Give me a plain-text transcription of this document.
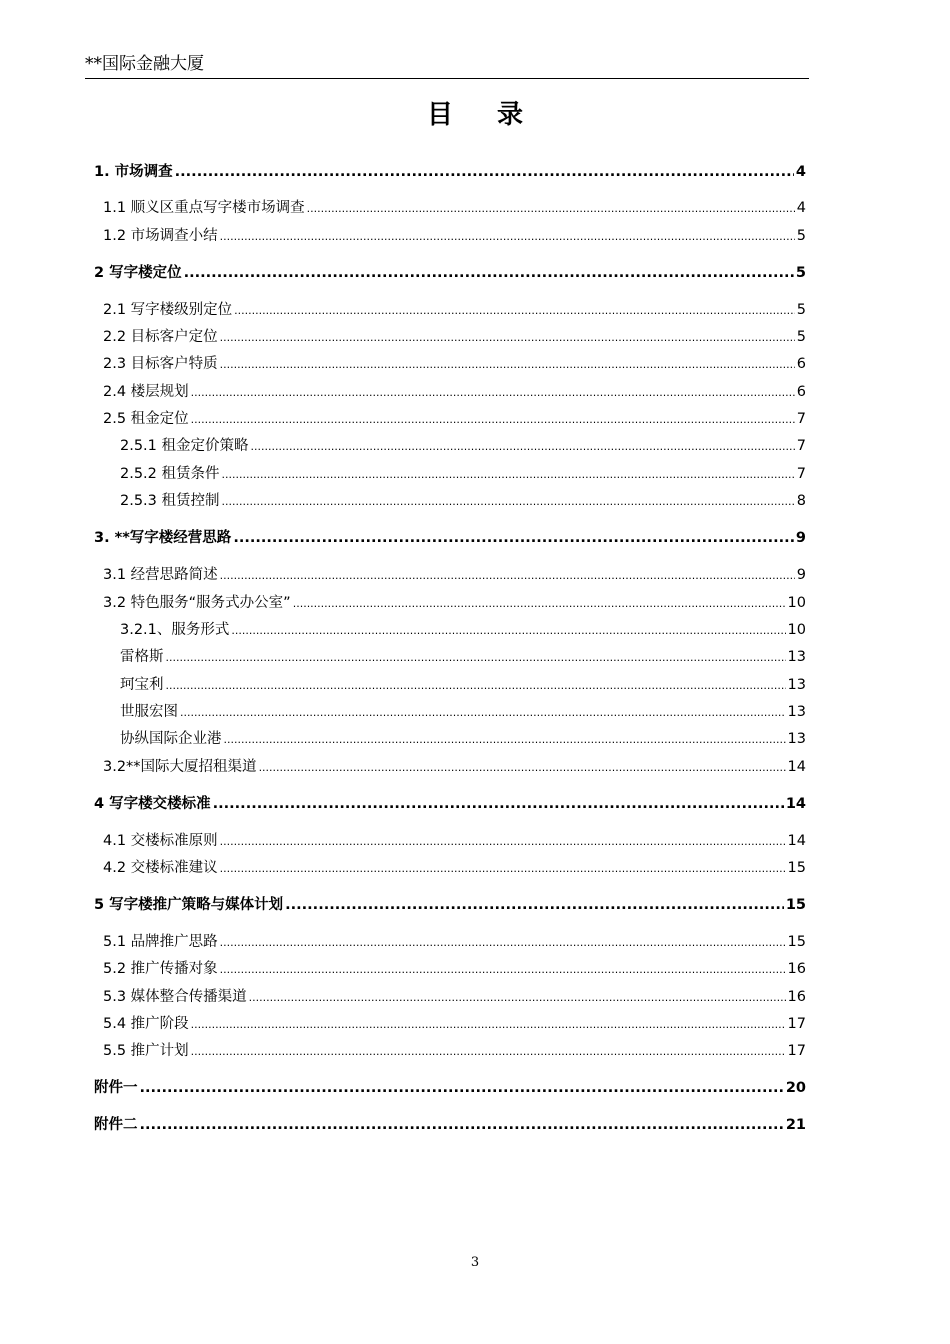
**国际金融大厦
目录
1. 市场调查 .....	4
1.1 顺义区重点写字楼市场调查 .....	4
1.2 市场调查小结 .....	5
2 写字楼定位 .....	5
2.1 写字楼级别定位 .....	5
2.2 目标客户定位 .....	5
2.3 目标客户特质 .....	6
2.4 楼层规划 .....	6
2.5 租金定位 .....	7
2.5.1 租金定价策略 .....	7
2.5.2 租赁条件 .....	7
2.5.3 租赁控制 .....	8
3. **写字楼经营思路 .....	9
3.1 经营思路简述 .....	9
3.2 特色服务“服务式办公室” .....	10
3.2.1、服务形式 .....	10
雷格斯 .....	13
珂宝利 .....	13
世服宏图 .....	13
协纵国际企业港 .....	13
3.2**国际大厦招租渠道 .....	14
4 写字楼交楼标准 .....	14
4.1 交楼标准原则 .....	14
4.2 交楼标准建议 .....	15
5 写字楼推广策略与媒体计划 .....	15
5.1 品牌推广思路 .....	15
5.2 推广传播对象 .....	16
5.3 媒体整合传播渠道 .....	16
5.4 推广阶段 .....	17
5.5 推广计划 .....	17
附件一 .....	20
附件二 .....	21
3
